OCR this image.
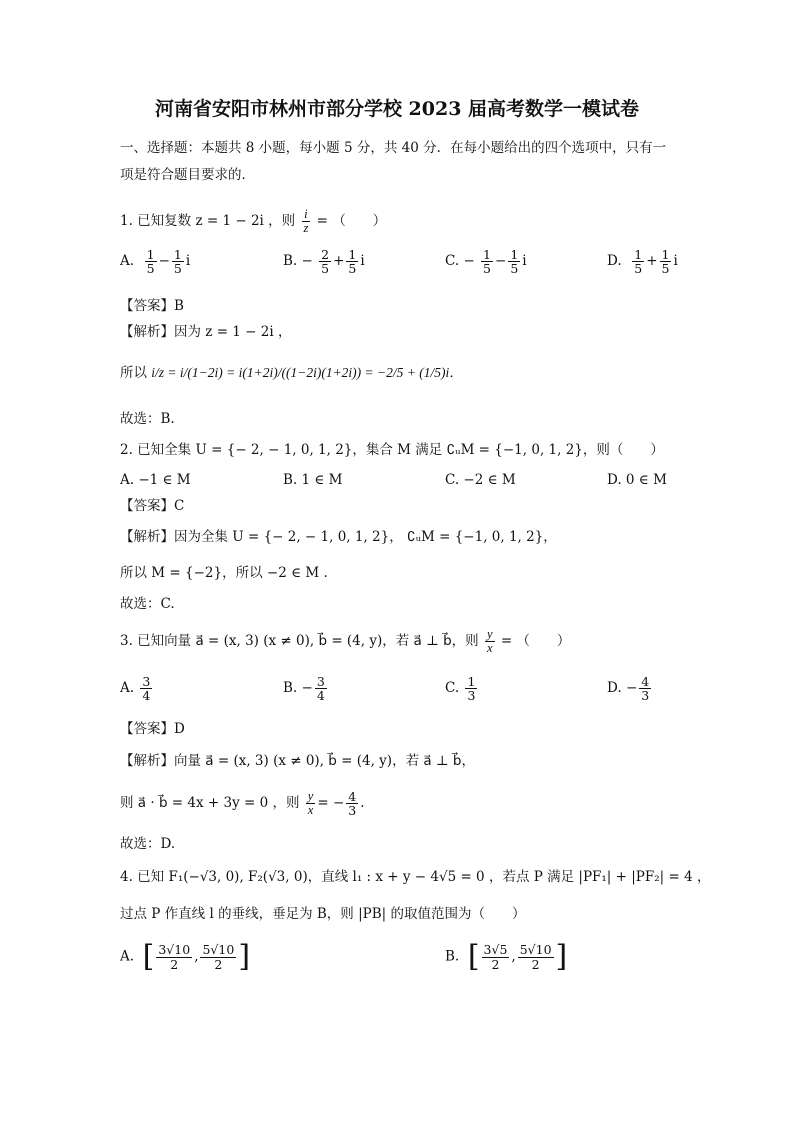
河南省安阳市林州市部分学校 2023 届高考数学一模试卷
一、选择题：本题共 8 小题，每小题 5 分，共 40 分．在每小题给出的四个选项中，只有一
项是符合题目要求的．
1. 已知复数 z = 1 − 2i ，则 $\frac{i}{z}$ = （　　）
A. $\frac{1}{5} - \frac{1}{5}$ i	B. − $\frac{2}{5} + \frac{1}{5}$ i	C. − $\frac{1}{5} - \frac{1}{5}$ i	D. $\frac{1}{5} + \frac{1}{5}$ i
【答案】B
【解析】因为 z = 1 − 2i ，
所以 i/z = i/(1−2i) = i(1+2i)/((1−2i)(1+2i)) = −2/5 + (1/5)i．
故选：B.
2. 已知全集 U = {− 2, − 1, 0, 1, 2}，集合 M 满足 ∁ᵤM = {−1, 0, 1, 2}，则（　　）
A. −1 ∈ M	B. 1 ∈ M	C. −2 ∈ M	D. 0 ∈ M
【答案】C
【解析】因为全集 U = {− 2, − 1, 0, 1, 2}， ∁ᵤM = {−1, 0, 1, 2}，
所以 M = {−2}，所以 −2 ∈ M .
故选：C.
3. 已知向量 a⃗ = (x, 3) (x ≠ 0), b⃗ = (4, y)，若 a⃗ ⊥ b⃗，则 $\frac{y}{x}$ = （　　）
A. $\frac{3}{4}$	B. − $\frac{3}{4}$	C. $\frac{1}{3}$	D. − $\frac{4}{3}$
【答案】D
【解析】向量 a⃗ = (x, 3) (x ≠ 0), b⃗ = (4, y)，若 a⃗ ⊥ b⃗，
则 a⃗ · b⃗ = 4x + 3y = 0 ，则 $\frac{y}{x}$ = − $\frac{4}{3}$ .
故选：D.
4. 已知 F₁(−√3, 0), F₂(√3, 0)，直线 l₁ : x + y − 4√5 = 0 ，若点 P 满足 |PF₁| + |PF₂| = 4 ，
过点 P 作直线 l 的垂线，垂足为 B，则 |PB| 的取值范围为（　　）
A. [ $\frac{3√10}{2}$ , $\frac{5√10}{2}$ ]	B. [ $\frac{3√5}{2}$ , $\frac{5√10}{2}$ ]
